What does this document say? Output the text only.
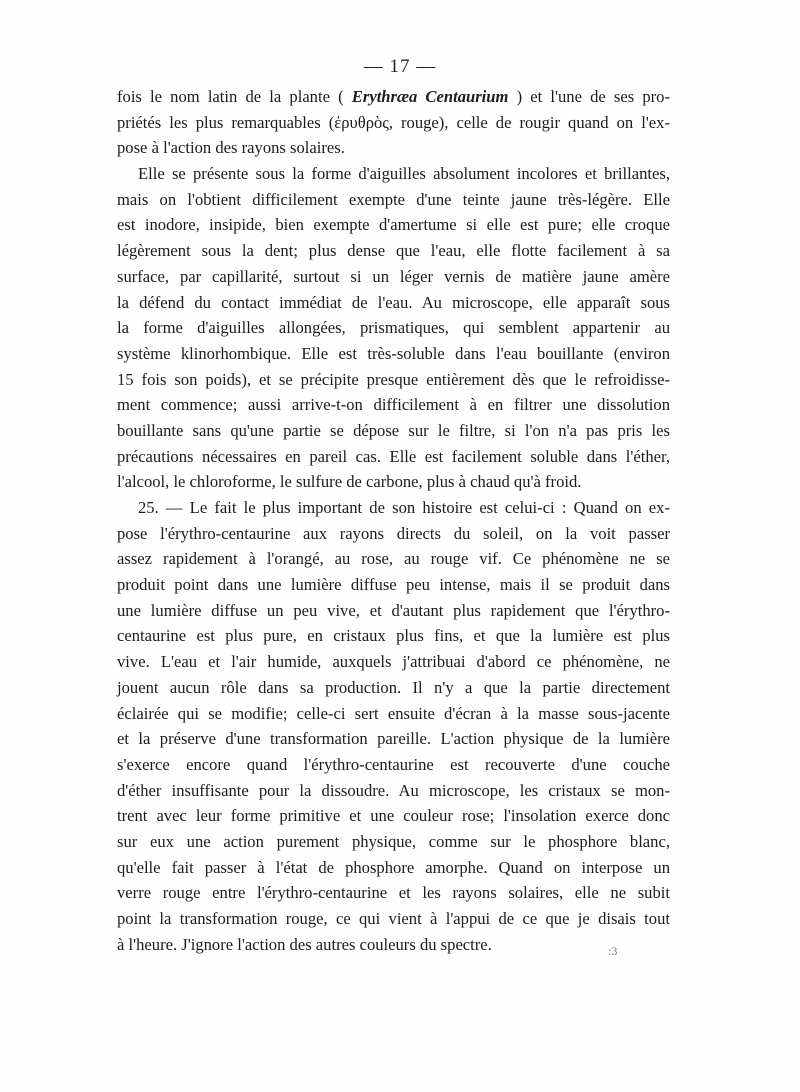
— 17 —
fois le nom latin de la plante ( Erythræa Centaurium ) et l'une de ses pro-
priétés les plus remarquables (ἐρυθρὸς, rouge), celle de rougir quand on l'ex-
pose à l'action des rayons solaires.
Elle se présente sous la forme d'aiguilles absolument incolores et brillantes,
mais on l'obtient difficilement exempte d'une teinte jaune très-légère. Elle
est inodore, insipide, bien exempte d'amertume si elle est pure; elle croque
légèrement sous la dent; plus dense que l'eau, elle flotte facilement à sa
surface, par capillarité, surtout si un léger vernis de matière jaune amère
la défend du contact immédiat de l'eau. Au microscope, elle apparaît sous
la forme d'aiguilles allongées, prismatiques, qui semblent appartenir au
système klinorhombique. Elle est très-soluble dans l'eau bouillante (environ
15 fois son poids), et se précipite presque entièrement dès que le refroidisse-
ment commence; aussi arrive-t-on difficilement à en filtrer une dissolution
bouillante sans qu'une partie se dépose sur le filtre, si l'on n'a pas pris les
précautions nécessaires en pareil cas. Elle est facilement soluble dans l'éther,
l'alcool, le chloroforme, le sulfure de carbone, plus à chaud qu'à froid.
25. — Le fait le plus important de son histoire est celui-ci : Quand on ex-
pose l'érythro-centaurine aux rayons directs du soleil, on la voit passer
assez rapidement à l'orangé, au rose, au rouge vif. Ce phénomène ne se
produit point dans une lumière diffuse peu intense, mais il se produit dans
une lumière diffuse un peu vive, et d'autant plus rapidement que l'érythro-
centaurine est plus pure, en cristaux plus fins, et que la lumière est plus
vive. L'eau et l'air humide, auxquels j'attribuai d'abord ce phénomène, ne
jouent aucun rôle dans sa production. Il n'y a que la partie directement
éclairée qui se modifie; celle-ci sert ensuite d'écran à la masse sous-jacente
et la préserve d'une transformation pareille. L'action physique de la lumière
s'exerce encore quand l'érythro-centaurine est recouverte d'une couche
d'éther insuffisante pour la dissoudre. Au microscope, les cristaux se mon-
trent avec leur forme primitive et une couleur rose; l'insolation exerce donc
sur eux une action purement physique, comme sur le phosphore blanc,
qu'elle fait passer à l'état de phosphore amorphe. Quand on interpose un
verre rouge entre l'érythro-centaurine et les rayons solaires, elle ne subit
point la transformation rouge, ce qui vient à l'appui de ce que je disais tout
à l'heure. J'ignore l'action des autres couleurs du spectre.	:3
